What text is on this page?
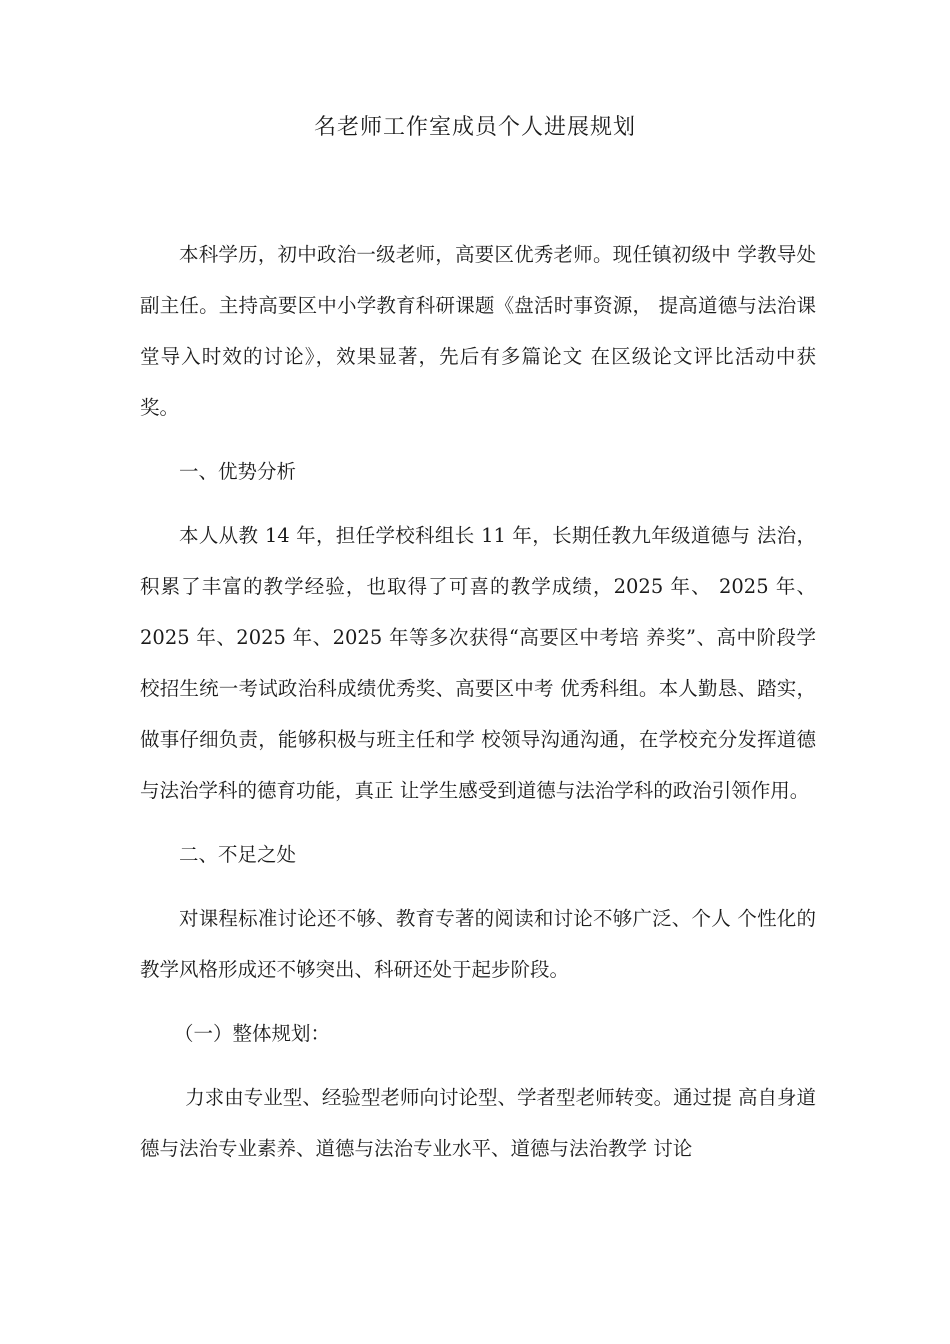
名老师工作室成员个人进展规划

本科学历，初中政治一级老师，高要区优秀老师。现任镇初级中 学教导处副主任。主持高要区中小学教育科研课题《盘活时事资源， 提高道德与法治课堂导入时效的讨论》，效果显著，先后有多篇论文 在区级论文评比活动中获奖。

一、优势分析

本人从教 14 年，担任学校科组长 11 年，长期任教九年级道德与 法治，积累了丰富的教学经验，也取得了可喜的教学成绩，2025 年、 2025 年、2025 年、2025 年、2025 年等多次获得“高要区中考培 养奖”、高中阶段学校招生统一考试政治科成绩优秀奖、高要区中考 优秀科组。本人勤恳、踏实，做事仔细负责，能够积极与班主任和学 校领导沟通沟通，在学校充分发挥道德与法治学科的德育功能，真正 让学生感受到道德与法治学科的政治引领作用。

二、不足之处

对课程标准讨论还不够、教育专著的阅读和讨论不够广泛、个人 个性化的教学风格形成还不够突出、科研还处于起步阶段。

（一）整体规划：

力求由专业型、经验型老师向讨论型、学者型老师转变。通过提 高自身道德与法治专业素养、道德与法治专业水平、道德与法治教学 讨论
